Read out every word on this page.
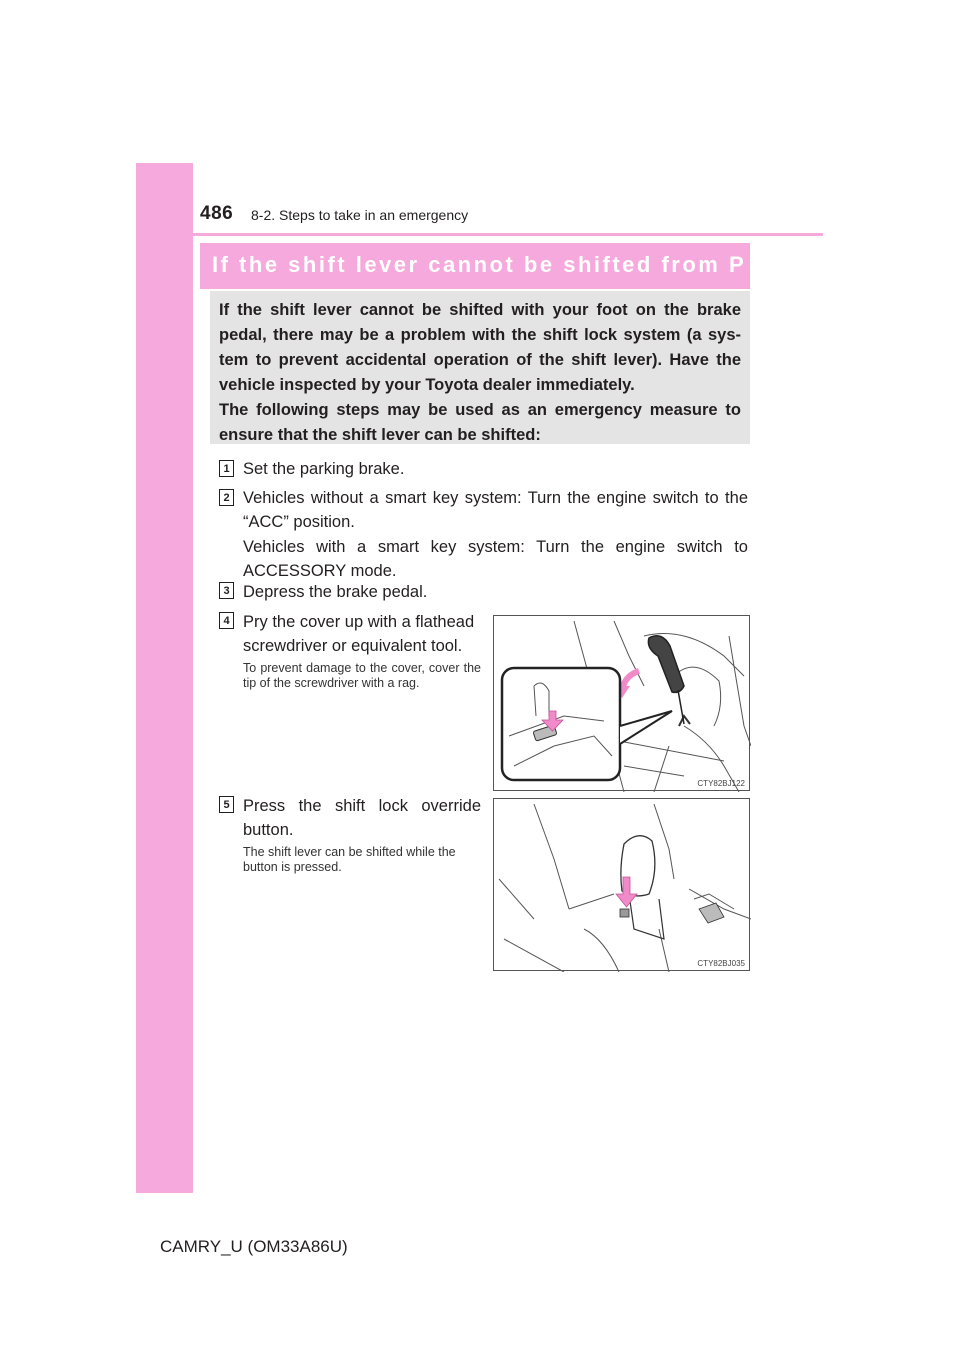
486 8-2. Steps to take in an emergency
If the shift lever cannot be shifted from P

If the shift lever cannot be shifted with your foot on the brake pedal, there may be a problem with the shift lock system (a sys-tem to prevent accidental operation of the shift lever). Have the vehicle inspected by your Toyota dealer immediately.

The following steps may be used as an emergency measure to ensure that the shift lever can be shifted:

1 Set the parking brake.

2 Vehicles without a smart key system: Turn the engine switch to the “ACC” position.

Vehicles with a smart key system: Turn the engine switch to ACCESSORY mode.

3 Depress the brake pedal.

4 Pry the cover up with a flathead screwdriver or equivalent tool.

To prevent damage to the cover, cover the tip of the screwdriver with a rag.

CTY82BJ122
5 Press the shift lock override button.

The shift lever can be shifted while the button is pressed.

CTY82BJ035
CAMRY_U (OM33A86U)
